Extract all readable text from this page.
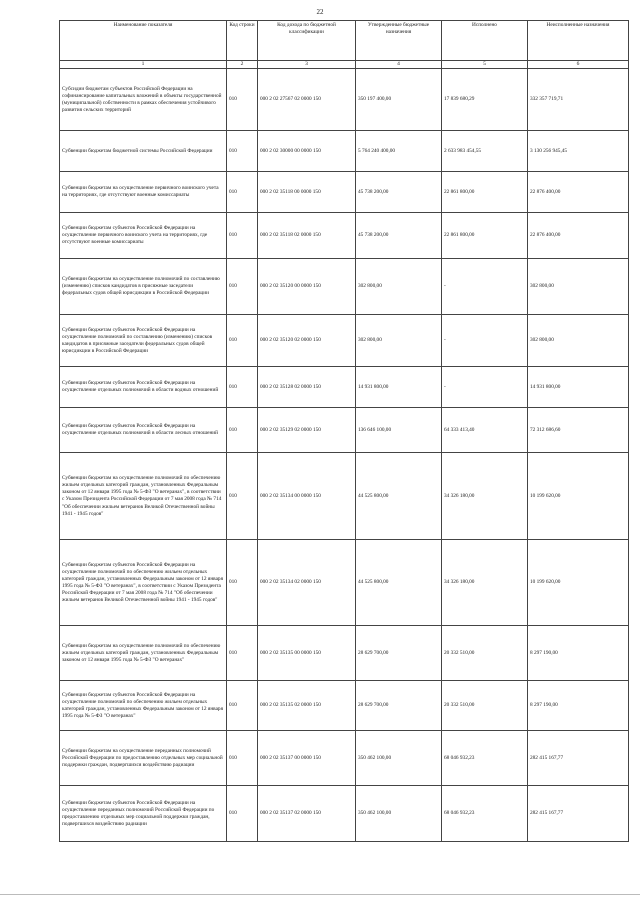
22
Наименование показателя	Код строки	Код дохода по бюджетной классификации	Утвержденные бюджетные назначения	Исполнено	Неисполненные назначения
1	2	3	4	5	6
Субсидии бюджетам субъектов Российской Федерации на софинансирование капитальных вложений в объекты государственной (муниципальной) собственности в рамках обеспечения устойчивого развития сельских территорий	010	000 2 02 27567 02 0000 150	350 197 400,00	17 839 680,29	332 357 719,71
Субвенции бюджетам бюджетной системы Российской Федерации	010	000 2 02 30000 00 0000 150	5 764 240 400,00	2 633 983 454,55	3 130 256 945,45
Субвенции бюджетам на осуществление первичного воинского учета на территориях, где отсутствуют военные комиссариаты	010	000 2 02 35118 00 0000 150	45 738 200,00	22 861 800,00	22 876 400,00
Субвенции бюджетам субъектов Российской Федерации на осуществление первичного воинского учета на территориях, где отсутствуют военные комиссариаты	010	000 2 02 35118 02 0000 150	45 738 200,00	22 861 800,00	22 876 400,00
Субвенции бюджетам на осуществление полномочий по составлению (изменению) списков кандидатов в присяжные заседатели федеральных судов общей юрисдикции в Российской Федерации	010	000 2 02 35120 00 0000 150	302 800,00	-	302 800,00
Субвенции бюджетам субъектов Российской Федерации на осуществление полномочий по составлению (изменению) списков кандидатов в присяжные заседатели федеральных судов общей юрисдикции в Российской Федерации	010	000 2 02 35120 02 0000 150	302 800,00	-	302 800,00
Субвенции бюджетам субъектов Российской Федерации на осуществление отдельных полномочий в области водных отношений	010	000 2 02 35128 02 0000 150	14 931 800,00	-	14 931 800,00
Субвенции бюджетам субъектов Российской Федерации на осуществление отдельных полномочий в области лесных отношений	010	000 2 02 35129 02 0000 150	136 646 100,00	64 333 413,40	72 312 686,60
Субвенции бюджетам на осуществление полномочий по обеспечению жильем отдельных категорий граждан, установленных Федеральным законом от 12 января 1995 года № 5-ФЗ "О ветеранах", в соответствии с Указом Президента Российской Федерации от 7 мая 2008 года № 714 "Об обеспечении жильем ветеранов Великой Отечественной войны 1941 - 1945 годов"	010	000 2 02 35134 00 0000 150	44 525 800,00	34 326 180,00	10 199 620,00
Субвенции бюджетам субъектов Российской Федерации на осуществление полномочий по обеспечению жильем отдельных категорий граждан, установленных Федеральным законом от 12 января 1995 года № 5-ФЗ "О ветеранах", в соответствии с Указом Президента Российской Федерации от 7 мая 2008 года № 714 "Об обеспечении жильем ветеранов Великой Отечественной войны 1941 - 1945 годов"	010	000 2 02 35134 02 0000 150	44 525 800,00	34 326 180,00	10 199 620,00
Субвенции бюджетам на осуществление полномочий по обеспечению жильем отдельных категорий граждан, установленных Федеральным законом от 12 января 1995 года № 5-ФЗ "О ветеранах"	010	000 2 02 35135 00 0000 150	28 629 700,00	20 332 510,00	8 297 190,00
Субвенции бюджетам субъектов Российской Федерации на осуществление полномочий по обеспечению жильем отдельных категорий граждан, установленных Федеральным законом от 12 января 1995 года № 5-ФЗ "О ветеранах"	010	000 2 02 35135 02 0000 150	28 629 700,00	20 332 510,00	8 297 190,00
Субвенции бюджетам на осуществление переданных полномочий Российской Федерации по предоставлению отдельных мер социальной поддержки граждан, подвергшихся воздействию радиации	010	000 2 02 35137 00 0000 150	350 462 100,00	68 046 932,23	282 415 167,77
Субвенции бюджетам субъектов Российской Федерации на осуществление переданных полномочий Российской Федерации по предоставлению отдельных мер социальной поддержки граждан, подвергшихся воздействию радиации	010	000 2 02 35137 02 0000 150	350 462 100,00	68 046 932,23	282 415 167,77
